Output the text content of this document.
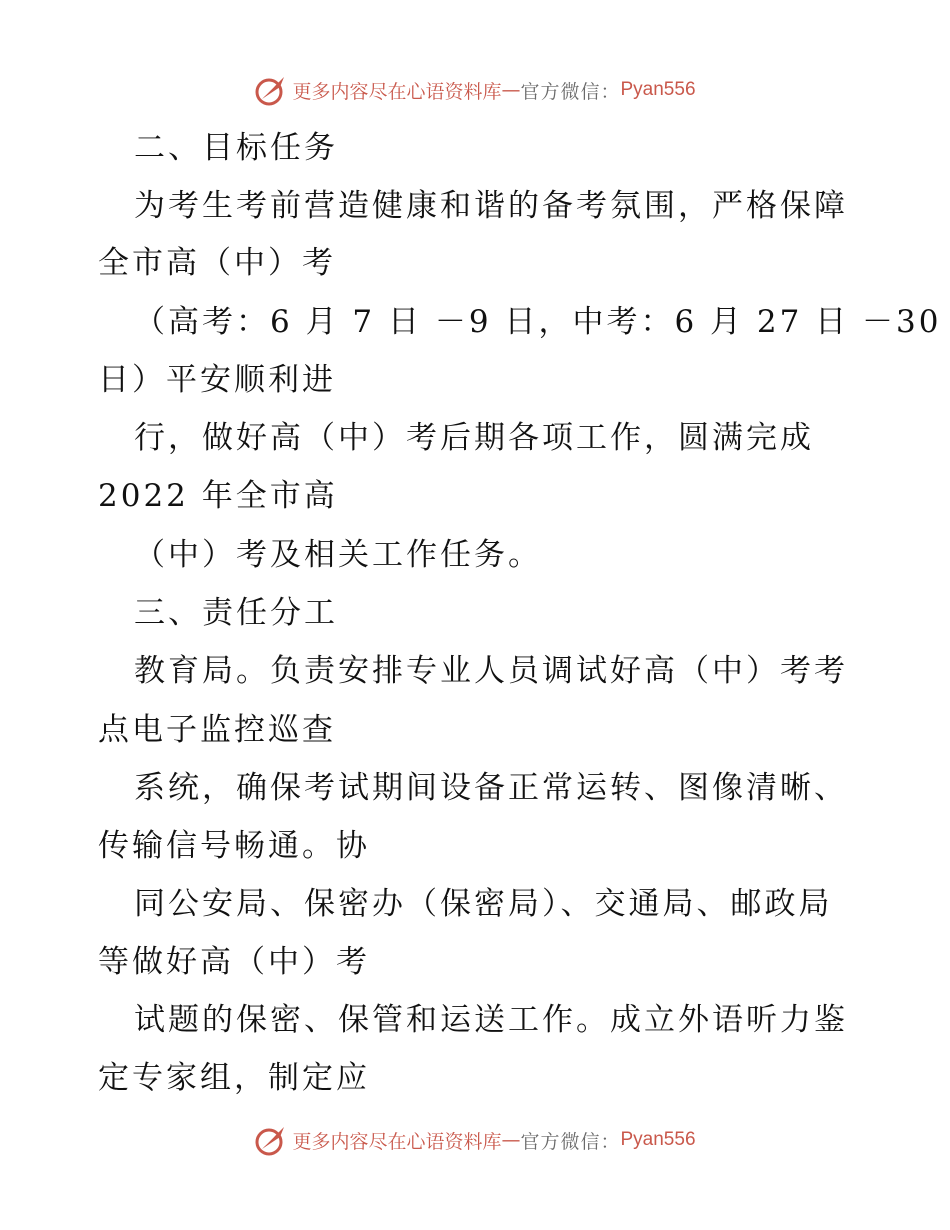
更多内容尽在心语资料库 — 官方微信： Pyan556
二、目标任务
为考生考前营造健康和谐的备考氛围，严格保障
全市高（中）考
（高考：6 月 7 日 －9 日，中考：6 月 27 日 －30
日）平安顺利进
行，做好高（中）考后期各项工作，圆满完成
2022 年全市高
（中）考及相关工作任务。
三、责任分工
教育局。负责安排专业人员调试好高（中）考考
点电子监控巡查
系统，确保考试期间设备正常运转、图像清晰、
传输信号畅通。协
同公安局、保密办（保密局）、交通局、邮政局
等做好高（中）考
试题的保密、保管和运送工作。成立外语听力鉴
定专家组，制定应
更多内容尽在心语资料库 — 官方微信： Pyan556
